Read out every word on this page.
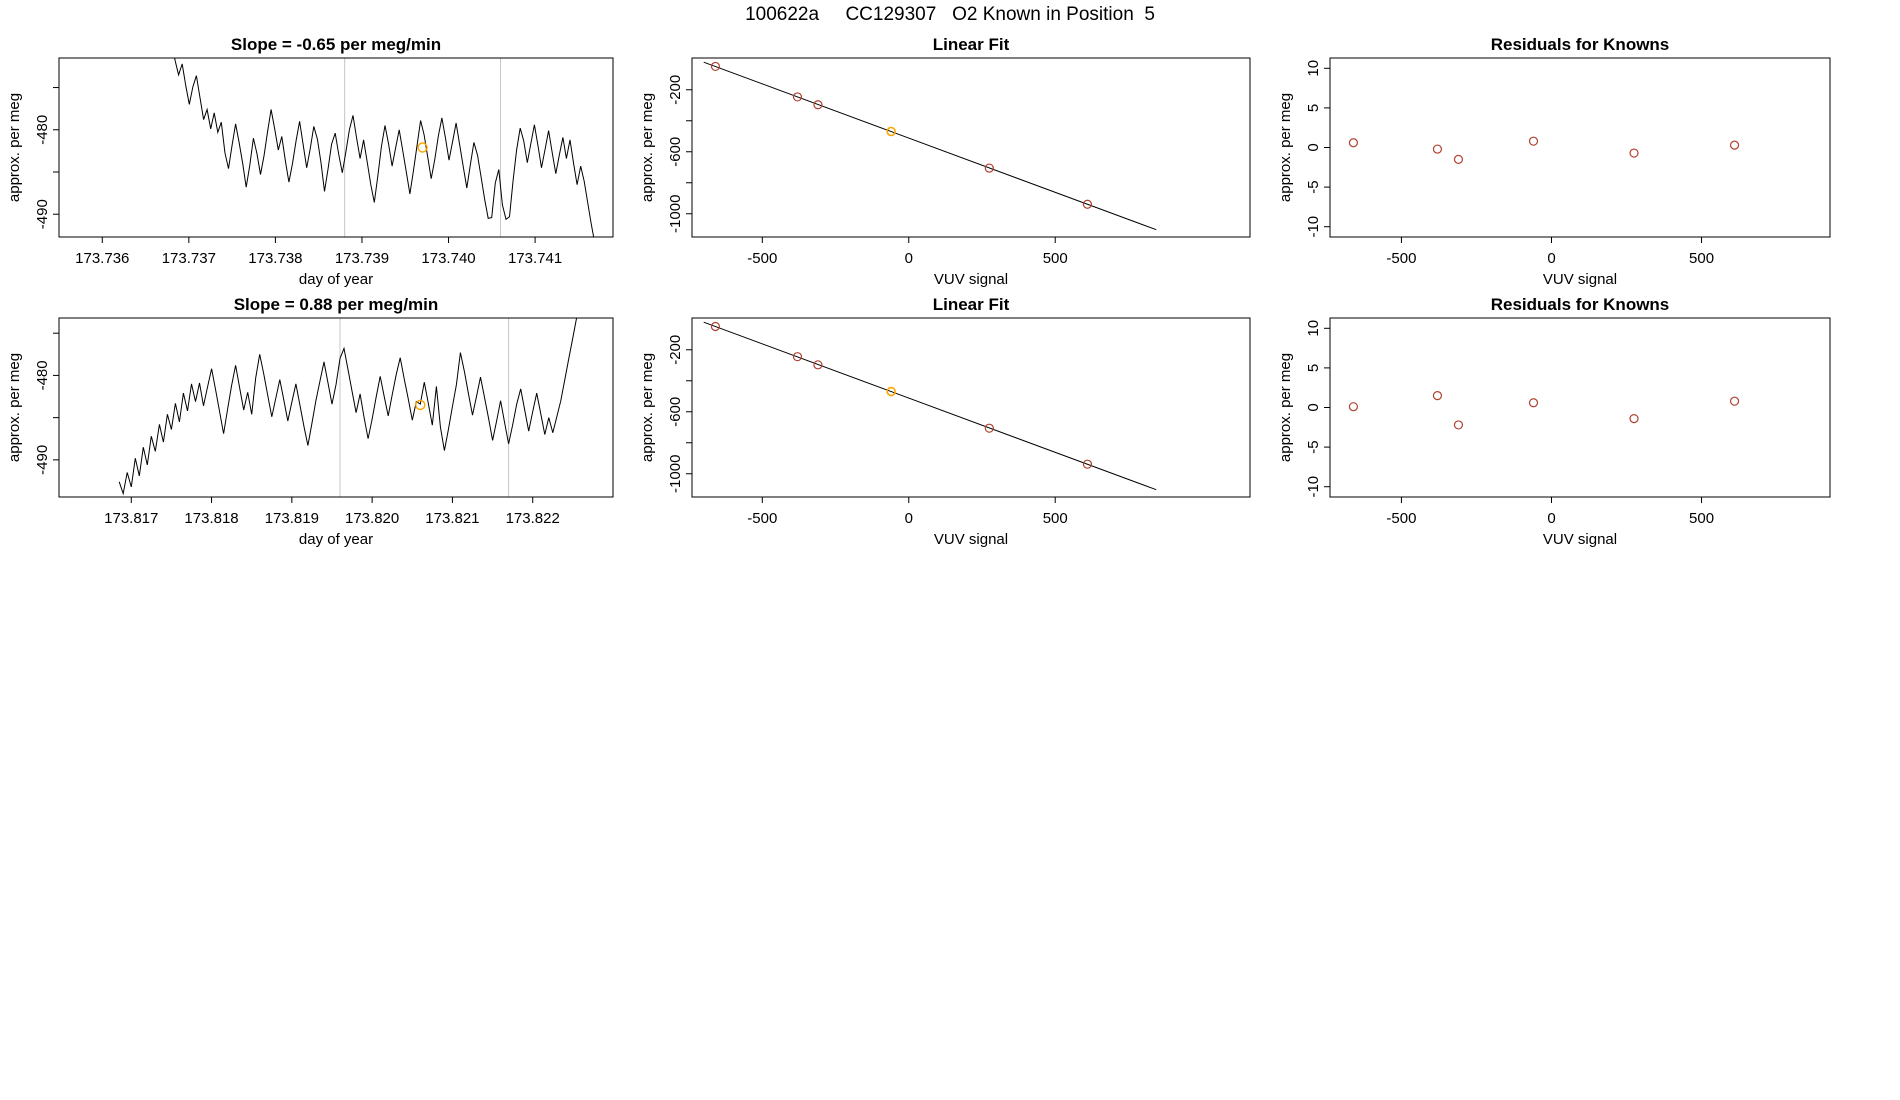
100622a     CC129307   O2 Known in Position  5
173.736 173.737 173.738 173.739 173.740 173.741
-480
-490
Slope = -0.65 per meg/min
day of year
approx. per meg
-500	0	500
-200
-600
-1000
Linear Fit
VUV signal
approx. per meg
-500	0	500
-10
-5
0
5
10
Residuals for Knowns
VUV signal
approx. per meg
173.817 173.818 173.819 173.820 173.821 173.822
-480
-490
Slope = 0.88 per meg/min
day of year
approx. per meg
-500	0	500
-200
-600
-1000
Linear Fit
VUV signal
approx. per meg
-500	0	500
-10
-5
0
5
10
Residuals for Knowns
VUV signal
approx. per meg
